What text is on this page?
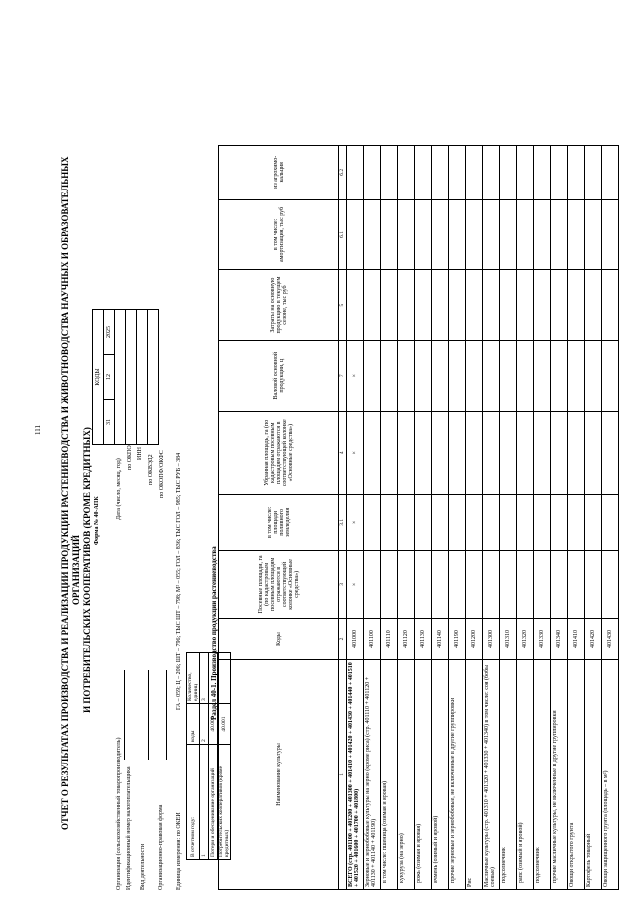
111 ОТЧЕТ О РЕЗУЛЬТАТАХ ПРОИЗВОДСТВА И РЕАЛИЗАЦИИ ПРОДУКЦИИ РАСТЕНИЕВОДСТВА И ЖИВОТНОВОДСТВА НАУЧНЫХ И ОБРАЗОВАТЕЛЬНЫХ ОРГАНИЗАЦИЙ И ПОТРЕБИТЕЛЬСКИХ КООПЕРАТИВОВ (КРОМЕ КРЕДИТНЫХ) Форма № 40-АПК
КОДЫ
31	12	2025

Дата (число, месяц, год)
по ОКПО ИНН
по ОКВЭД2 по ОКОПФ/ОКФС
Организация (сельскохозяйственный товаропроизводитель) Идентификационный номер налогоплательщика Вид деятельности Организационно-правовая форма Единица измерения: по ОКЕИ
ГА – 059; Ц – 206; ШТ – 796; ТЫС ШТ – 798; М² – 055; ГОЛ – 836; ТЫС ГОЛ – 985; ТЫС РУБ – 384
В отчетном году:	коды	Количество, единиц
1	2	3
Потери и обесценивание организаций	40.000	
Потребительских кооперативов (кроме кредитных)	40.001	
Раздел 40-1. Производство продукции растениеводства
Наименование культуры	Коды	Посевные площади, га (по кадастровым посевным площадям отражаются в соответствующей колонке «Основные средства»)	в том числе: площади поливного земледелия	Убранная площадь, га (по кадастровым посевным площадям отражаются в соответствующей колонке «Основные средства»)	Валовой основной продукции, ц	Затраты на основную продукцию в текущем сезоне, тыс руб	в том числе: амортизация, тыс руб	из агрохимо-кальция
1	2	3	3.1	4	7	5	6.1	6.2
ВСЕГО (стр. 401100 + 401200 + 401300 + 401410 + 401420 + 401430 + 401440 + 401510 + 401520 + 401600 + 401700 + 401800)	401000	×	×	×	×			
Зерновые и зернобобовые культуры на зерно (кроме риса) (стр. 401110 + 401120 + 401130 + 401140 + 401190)	401100							
в том числе: пшеница (озимая и яровая)	401110							
кукуруза (на зерно)	401120							
рожь (озимая и яровая)	401130							
ячмень (озимый и яровой)	401140							
прочие зерновые и зернобобовые, не включенные в другие группировки	401190							
Рис	401200							
Масличные культуры (стр. 401310 + 401320 + 401330 + 401340) в том числе: соя (бобы соевые)	401300							
подсолнечник	401310							
рапс (озимый и яровой)	401320							
подсолнечник	401330							
прочие масличные культуры, не включенные в другие группировки	401340							
Овощи открытого грунта	401410							
Картофель товарный	401420							
Овощи защищенного грунта (площадь – в м²)	401430							
